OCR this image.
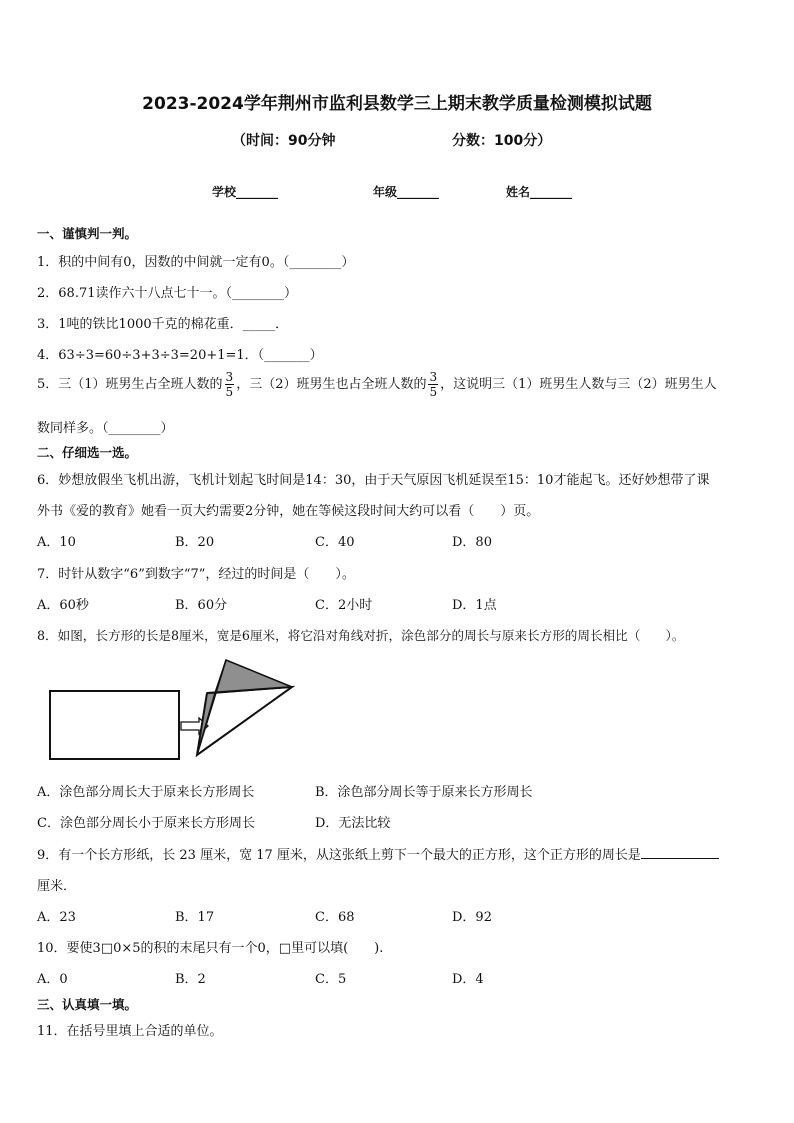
2023-2024学年荆州市监利县数学三上期末教学质量检测模拟试题
（时间：90分钟	分数：100分）
学校_______	年级_______	姓名_______
一、谨慎判一判。
1．积的中间有0，因数的中间就一定有0。（________）
2．68.71读作六十八点七十一。（________）
3．1吨的铁比1000千克的棉花重．_____．
4．63÷3=60÷3+3÷3=20+1=1．（_______）
5．三（1）班男生占全班人数的 $\frac{3}{5}$ ，三（2）班男生也占全班人数的 $\frac{3}{5}$ ，这说明三（1）班男生人数与三（2）班男生人
数同样多。（________）
二、仔细选一选。
6．妙想放假坐飞机出游，飞机计划起飞时间是14：30，由于天气原因飞机延误至15：10才能起飞。还好妙想带了课
外书《爱的教育》她看一页大约需要2分钟，她在等候这段时间大约可以看（　　）页。
A．10	B．20	C．40	D．80
7．时针从数字“6”到数字“7”，经过的时间是（　　）。
A．60秒	B．60分	C．2小时	D．1点
8．如图，长方形的长是8厘米，宽是6厘米，将它沿对角线对折，涂色部分的周长与原来长方形的周长相比（　　）。
A．涂色部分周长大于原来长方形周长	B．涂色部分周长等于原来长方形周长
C．涂色部分周长小于原来长方形周长	D．无法比较
9．有一个长方形纸，长 23 厘米，宽 17 厘米，从这张纸上剪下一个最大的正方形，这个正方形的周长是
厘米．
A．23	B．17	C．68	D．92
10．要使3□0×5的积的末尾只有一个0，□里可以填(　　).
A．0	B．2	C．5	D．4
三、认真填一填。
11．在括号里填上合适的单位。
